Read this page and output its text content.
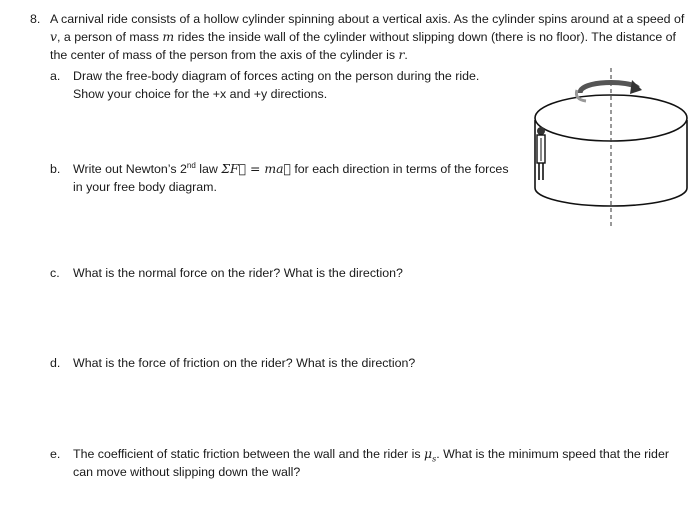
8. A carnival ride consists of a hollow cylinder spinning about a vertical axis. As the cylinder spins around at a speed of
v, a person of mass m rides the inside wall of the cylinder without slipping down (there is no floor). The distance of
the center of mass of the person from the axis of the cylinder is r.
a. Draw the free-body diagram of forces acting on the person during the ride.
Show your choice for the +x and +y directions.
b. Write out Newton’s 2nd law ΣF⃗ = ma⃗ for each direction in terms of the forces
in your free body diagram.
c. What is the normal force on the rider? What is the direction?
d. What is the force of friction on the rider? What is the direction?
e. The coefficient of static friction between the wall and the rider is $\mu_s$. What is the minimum speed that the rider
can move without slipping down the wall?
